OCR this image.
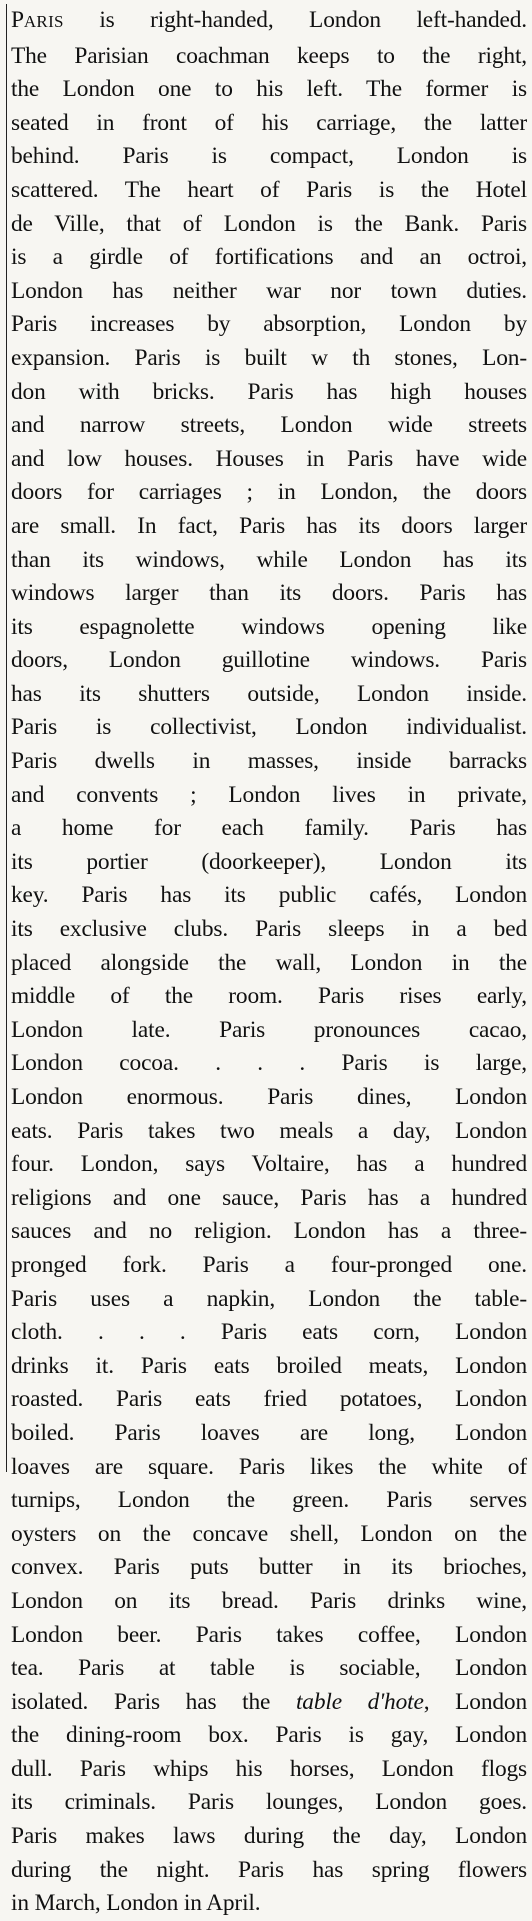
PARIS is right-handed, London left-handed.
The Parisian coachman keeps to the right,
the London one to his left. The former is
seated in front of his carriage, the latter
behind. Paris is compact, London is
scattered. The heart of Paris is the Hotel
de Ville, that of London is the Bank. Paris
is a girdle of fortifications and an octroi,
London has neither war nor town duties.
Paris increases by absorption, London by
expansion. Paris is built w th stones, Lon-
don with bricks. Paris has high houses
and narrow streets, London wide streets
and low houses. Houses in Paris have wide
doors for carriages ; in London, the doors
are small. In fact, Paris has its doors larger
than its windows, while London has its
windows larger than its doors. Paris has
its espagnolette windows opening like
doors, London guillotine windows. Paris
has its shutters outside, London inside.
Paris is collectivist, London individualist.
Paris dwells in masses, inside barracks
and convents ; London lives in private,
a home for each family. Paris has
its portier (doorkeeper), London its
key. Paris has its public cafés, London
its exclusive clubs. Paris sleeps in a bed
placed alongside the wall, London in the
middle of the room. Paris rises early,
London late. Paris pronounces cacao,
London cocoa. . . . Paris is large,
London enormous. Paris dines, London
eats. Paris takes two meals a day, London
four. London, says Voltaire, has a hundred
religions and one sauce, Paris has a hundred
sauces and no religion. London has a three-
pronged fork. Paris a four-pronged one.
Paris uses a napkin, London the table-
cloth. . . . Paris eats corn, London
drinks it. Paris eats broiled meats, London
roasted. Paris eats fried potatoes, London
boiled. Paris loaves are long, London
loaves are square. Paris likes the white of
turnips, London the green. Paris serves
oysters on the concave shell, London on the
convex. Paris puts butter in its brioches,
London on its bread. Paris drinks wine,
London beer. Paris takes coffee, London
tea. Paris at table is sociable, London
isolated. Paris has the table d'hote, London
the dining-room box. Paris is gay, London
dull. Paris whips his horses, London flogs
its criminals. Paris lounges, London goes.
Paris makes laws during the day, London
during the night. Paris has spring flowers
in March, London in April.
